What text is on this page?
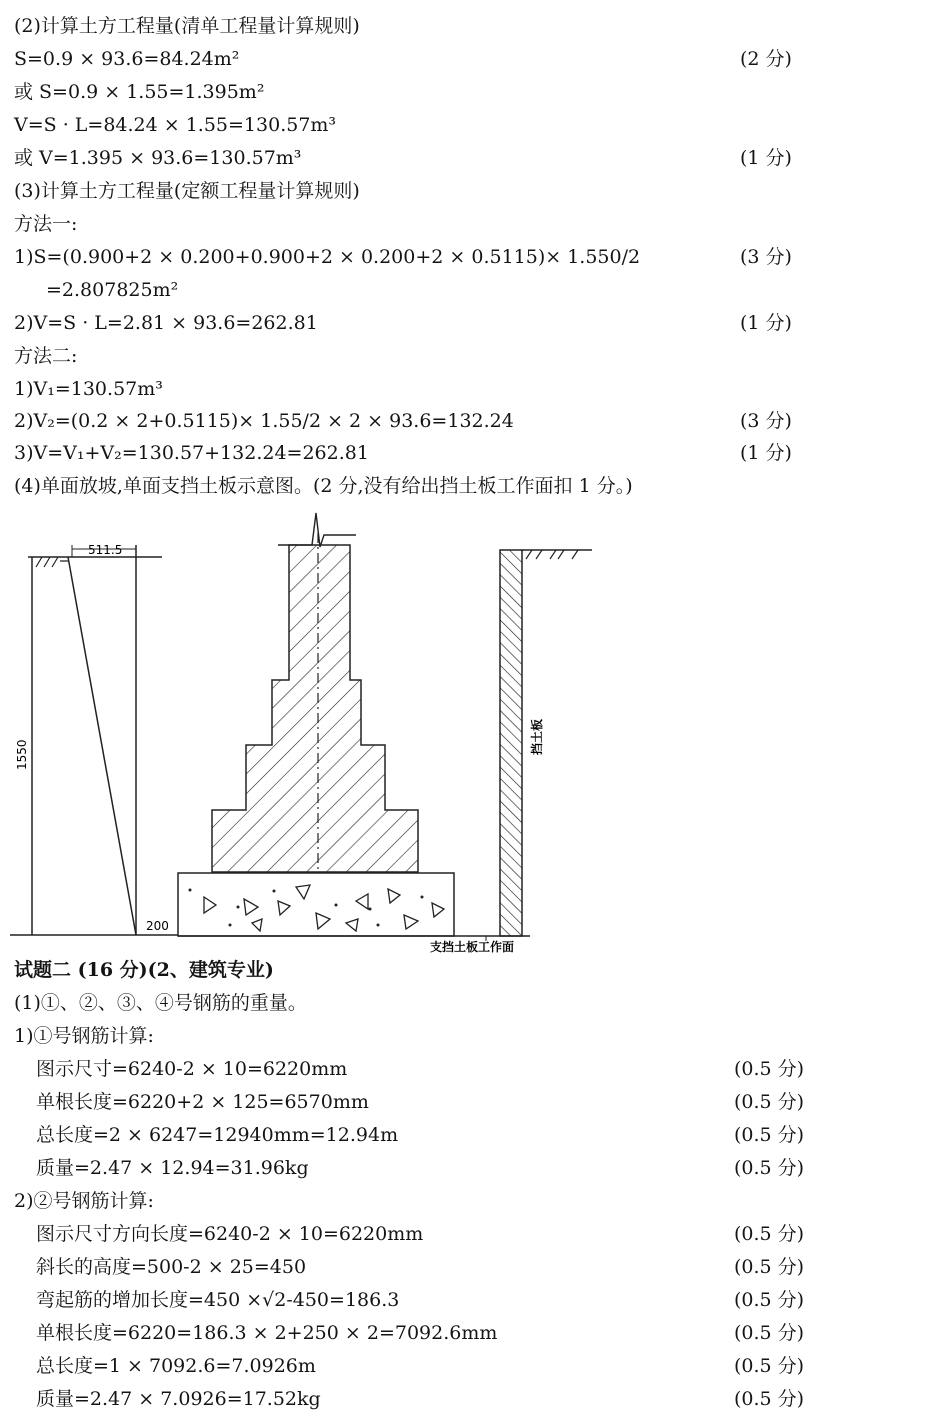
(2)计算土方工程量(清单工程量计算规则)
S=0.9 × 93.6=84.24m²	(2 分)
或 S=0.9 × 1.55=1.395m²
V=S · L=84.24 × 1.55=130.57m³
或 V=1.395 × 93.6=130.57m³	(1 分)
(3)计算土方工程量(定额工程量计算规则)
方法一:
1)S=(0.900+2 × 0.200+0.900+2 × 0.200+2 × 0.5115)× 1.550/2	(3 分)
=2.807825m²
2)V=S · L=2.81 × 93.6=262.81	(1 分)
方法二:
1)V₁=130.57m³
2)V₂=(0.2 × 2+0.5115)× 1.55/2 × 2 × 93.6=132.24	(3 分)
3)V=V₁+V₂=130.57+132.24=262.81	(1 分)
(4)单面放坡,单面支挡土板示意图。(2 分,没有给出挡土板工作面扣 1 分。)
511.5
1550
200
挡土板
支挡土板工作面
试题二 (16 分)(2、建筑专业)
(1)①、②、③、④号钢筋的重量。
1)①号钢筋计算:
图示尺寸=6240-2 × 10=6220mm	(0.5 分)
单根长度=6220+2 × 125=6570mm	(0.5 分)
总长度=2 × 6247=12940mm=12.94m	(0.5 分)
质量=2.47 × 12.94=31.96kg	(0.5 分)
2)②号钢筋计算:
图示尺寸方向长度=6240-2 × 10=6220mm	(0.5 分)
斜长的高度=500-2 × 25=450	(0.5 分)
弯起筋的增加长度=450 ×√2-450=186.3	(0.5 分)
单根长度=6220=186.3 × 2+250 × 2=7092.6mm	(0.5 分)
总长度=1 × 7092.6=7.0926m	(0.5 分)
质量=2.47 × 7.0926=17.52kg	(0.5 分)
